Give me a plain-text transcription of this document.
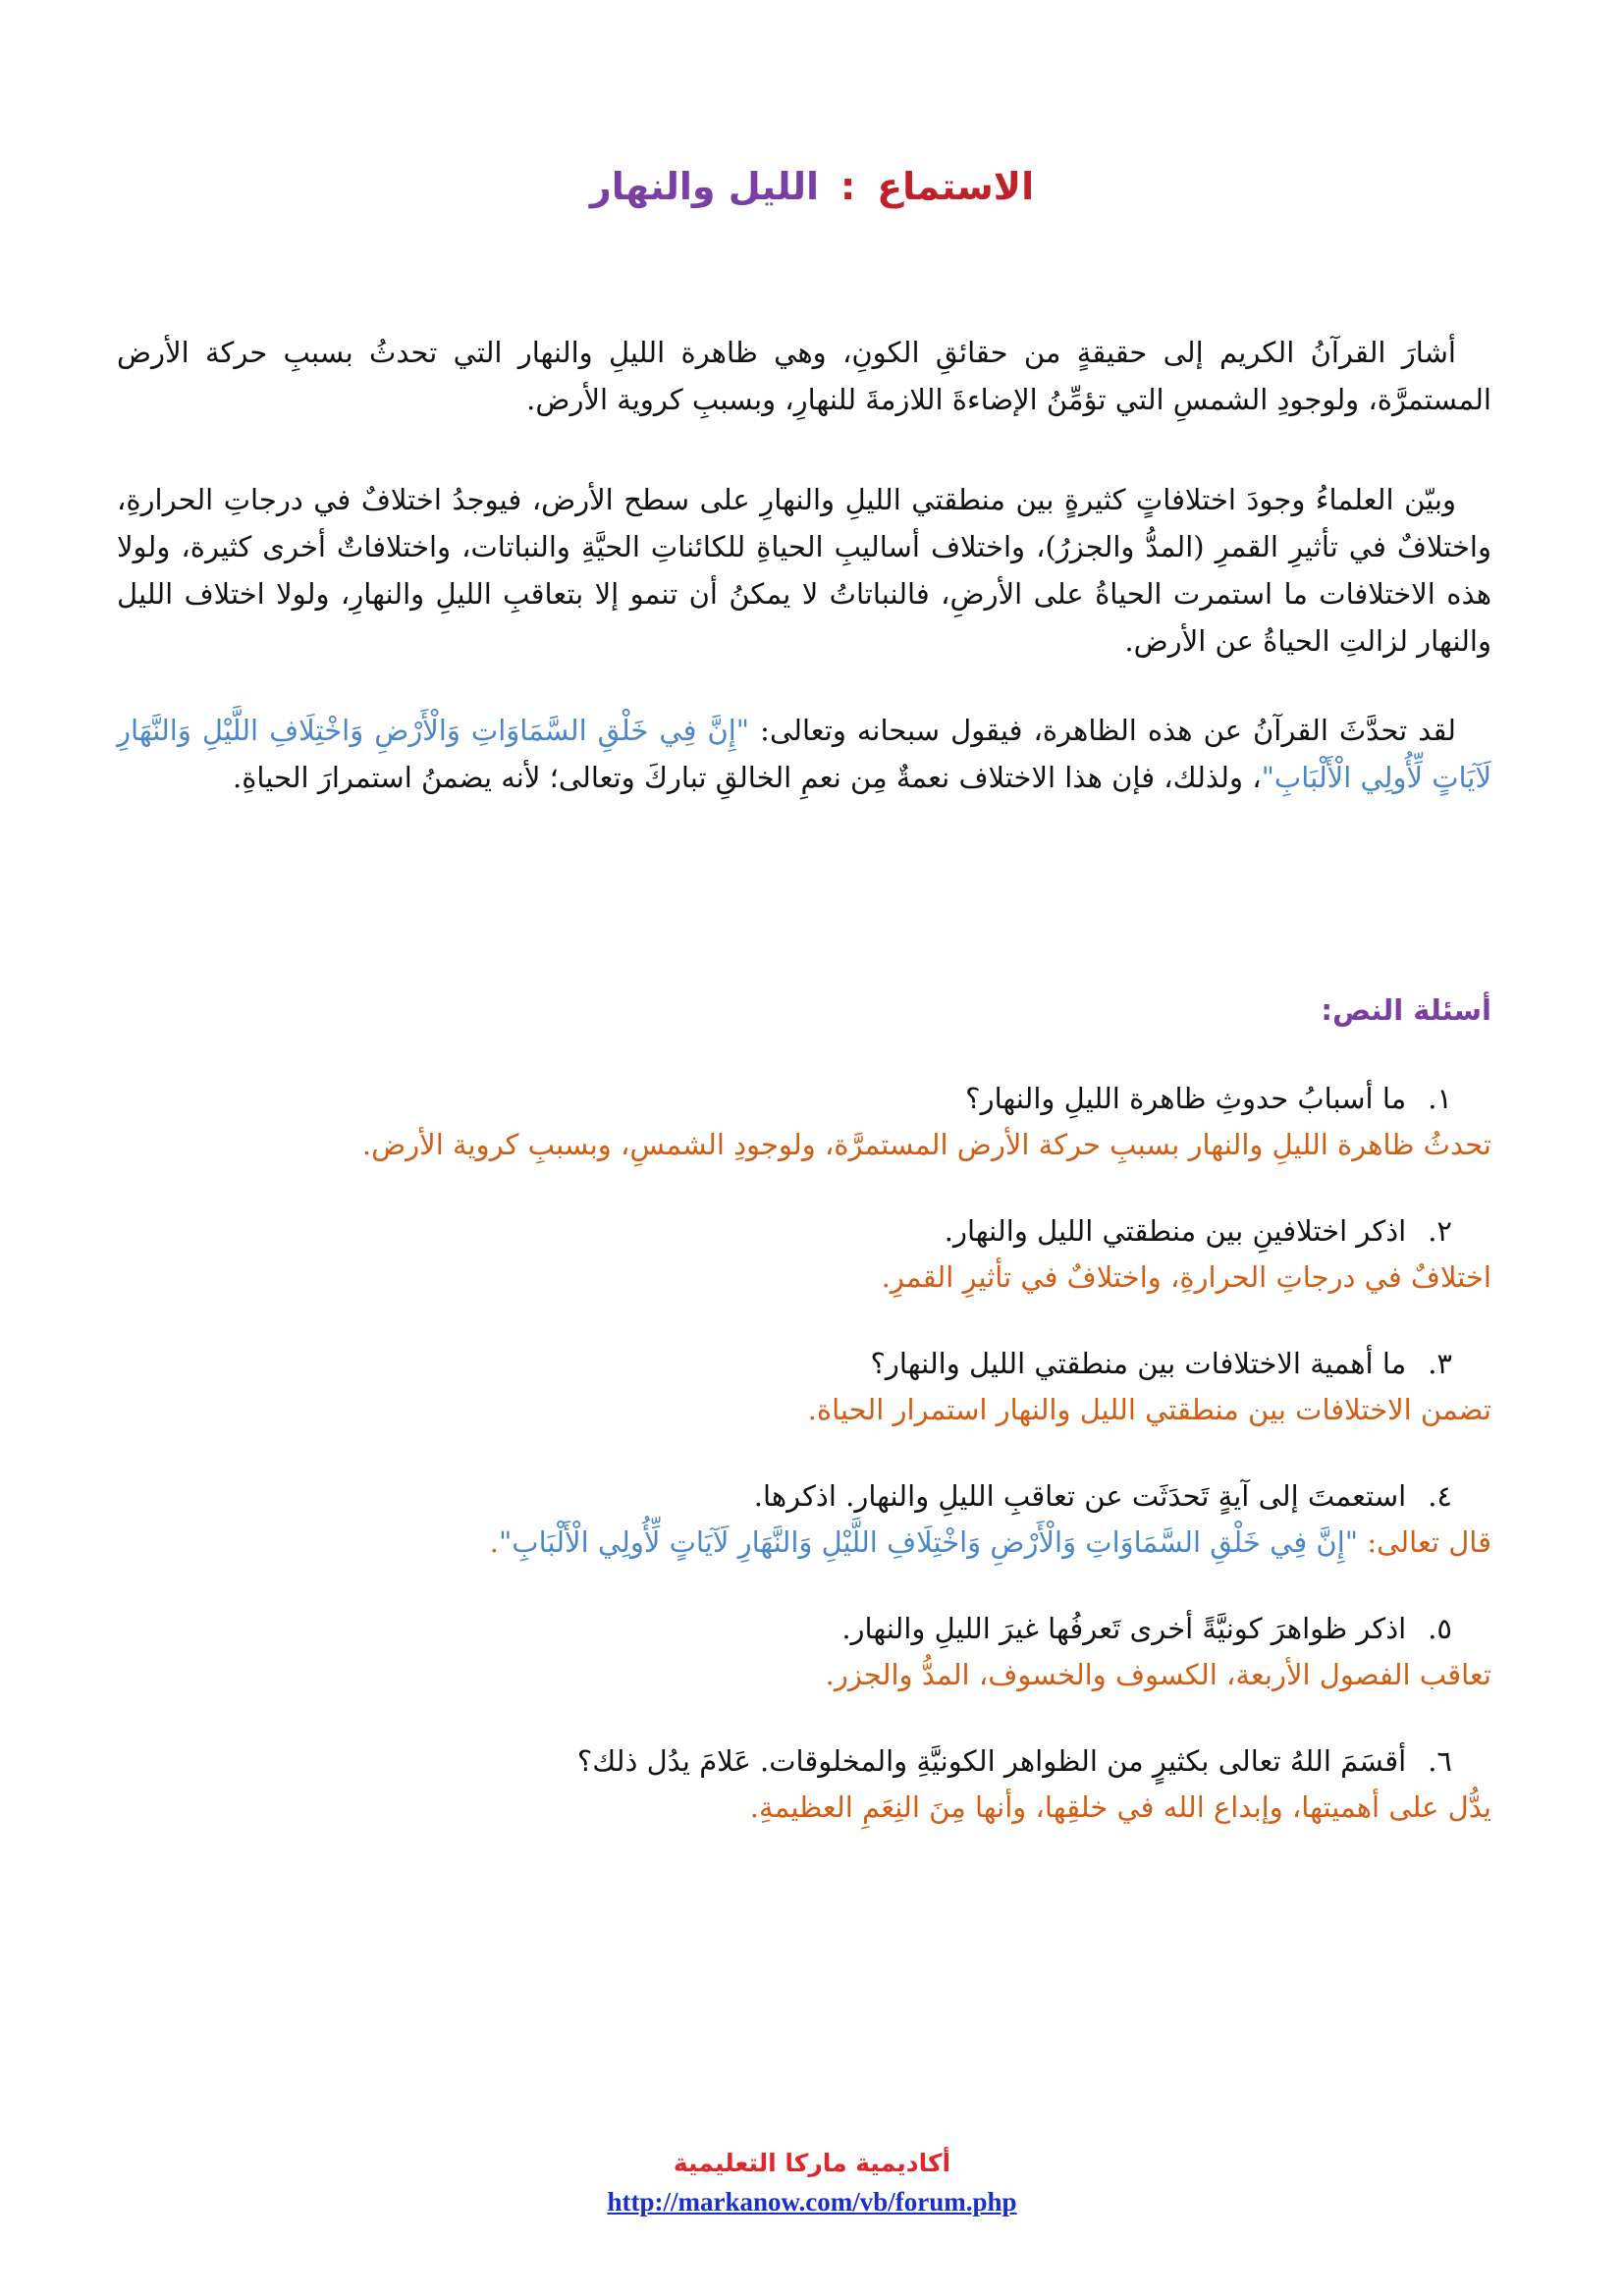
الاستماع:الليل والنهار
أشارَ القرآنُ الكريم إلى حقيقةٍ من حقائقِ الكونِ، وهي ظاهرة الليلِ والنهار التي تحدثُ بسببِ حركة الأرض المستمرَّة، ولوجودِ الشمسِ التي تؤمِّنُ الإضاءةَ اللازمةَ للنهارِ، وبسببِ كروية الأرض.
وبيّن العلماءُ وجودَ اختلافاتٍ كثيرةٍ بين منطقتي الليلِ والنهارِ على سطح الأرض، فيوجدُ اختلافٌ في درجاتِ الحرارةِ، واختلافٌ في تأثيرِ القمرِ (المدُّ والجزرُ)، واختلاف أساليبِ الحياةِ للكائناتِ الحيَّةِ والنباتات، واختلافاتٌ أخرى كثيرة، ولولا هذه الاختلافات ما استمرت الحياةُ على الأرضِ، فالنباتاتُ لا يمكنُ أن تنمو إلا بتعاقبِ الليلِ والنهارِ، ولولا اختلاف الليل والنهار لزالتِ الحياةُ عن الأرض.
لقد تحدَّثَ القرآنُ عن هذه الظاهرة، فيقول سبحانه وتعالى: "إِنَّ فِي خَلْقِ السَّمَاوَاتِ وَالْأَرْضِ وَاخْتِلَافِ اللَّيْلِ وَالنَّهَارِ لَآيَاتٍ لِّأُولِي الْأَلْبَابِ"، ولذلك، فإن هذا الاختلاف نعمةٌ مِن نعمِ الخالقِ تباركَ وتعالى؛ لأنه يضمنُ استمرارَ الحياةِ.
أسئلة النص:
١.ما أسبابُ حدوثِ ظاهرة الليلِ والنهار؟
تحدثُ ظاهرة الليلِ والنهار بسببِ حركة الأرض المستمرَّة، ولوجودِ الشمسِ، وبسببِ كروية الأرض.
٢.اذكر اختلافينِ بين منطقتي الليل والنهار.
اختلافٌ في درجاتِ الحرارةِ، واختلافٌ في تأثيرِ القمرِ.
٣.ما أهمية الاختلافات بين منطقتي الليل والنهار؟
تضمن الاختلافات بين منطقتي الليل والنهار استمرار الحياة.
٤.استعمتَ إلى آيةٍ تَحدَثَت عن تعاقبِ الليلِ والنهار. اذكرها.
قال تعالى: "إِنَّ فِي خَلْقِ السَّمَاوَاتِ وَالْأَرْضِ وَاخْتِلَافِ اللَّيْلِ وَالنَّهَارِ لَآيَاتٍ لِّأُولِي الْأَلْبَابِ".
٥.اذكر ظواهرَ كونيَّةً أخرى تَعرفُها غيرَ الليلِ والنهار.
تعاقب الفصول الأربعة، الكسوف والخسوف، المدُّ والجزر.
٦.أقسَمَ اللهُ تعالى بكثيرٍ من الظواهر الكونيَّةِ والمخلوقات. عَلامَ يدُل ذلك؟
يدُّل على أهميتها، وإبداع الله في خلقِها، وأنها مِنَ النِعَمِ العظيمةِ.
أكاديمية ماركا التعليمية
http://markanow.com/vb/forum.php
